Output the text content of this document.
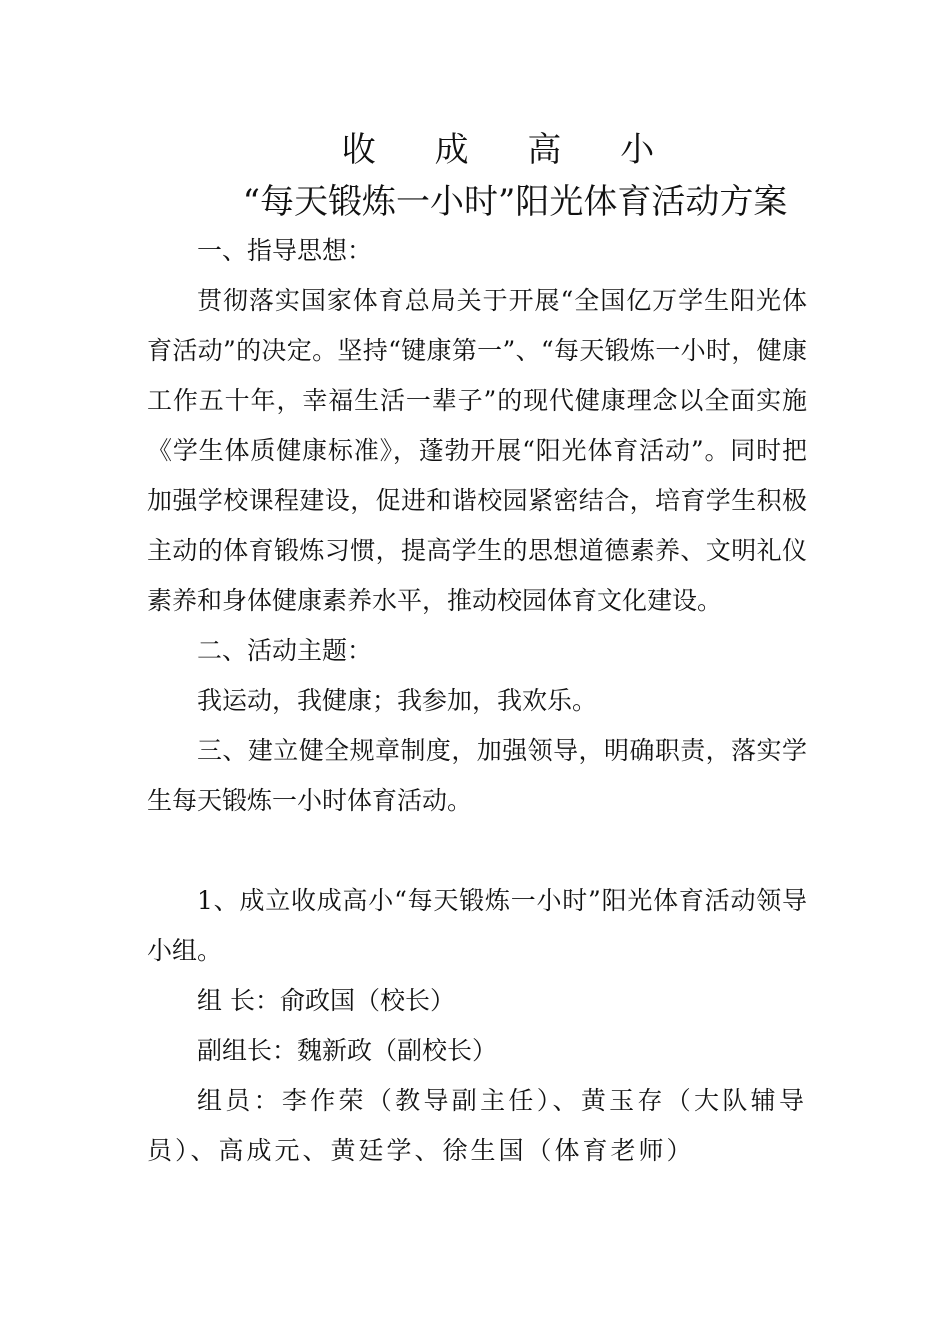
收 成 高 小
“每天锻炼一小时”阳光体育活动方案

一、指导思想：

贯彻落实国家体育总局关于开展“全国亿万学生阳光体育活动”的决定。坚持“键康第一”、“每天锻炼一小时，健康工作五十年，幸福生活一辈子”的现代健康理念以全面实施《学生体质健康标准》，蓬勃开展“阳光体育活动”。同时把加强学校课程建设，促进和谐校园紧密结合，培育学生积极主动的体育锻炼习惯，提高学生的思想道德素养、文明礼仪素养和身体健康素养水平，推动校园体育文化建设。

二、活动主题：

我运动，我健康；我参加，我欢乐。

三、建立健全规章制度，加强领导，明确职责，落实学生每天锻炼一小时体育活动。

1、成立收成高小“每天锻炼一小时”阳光体育活动领导小组。

组 长：俞政国（校长）

副组长：魏新政（副校长）

组员：李作荣（教导副主任）、黄玉存（大队辅导员）、高成元、黄廷学、徐生国（体育老师）
